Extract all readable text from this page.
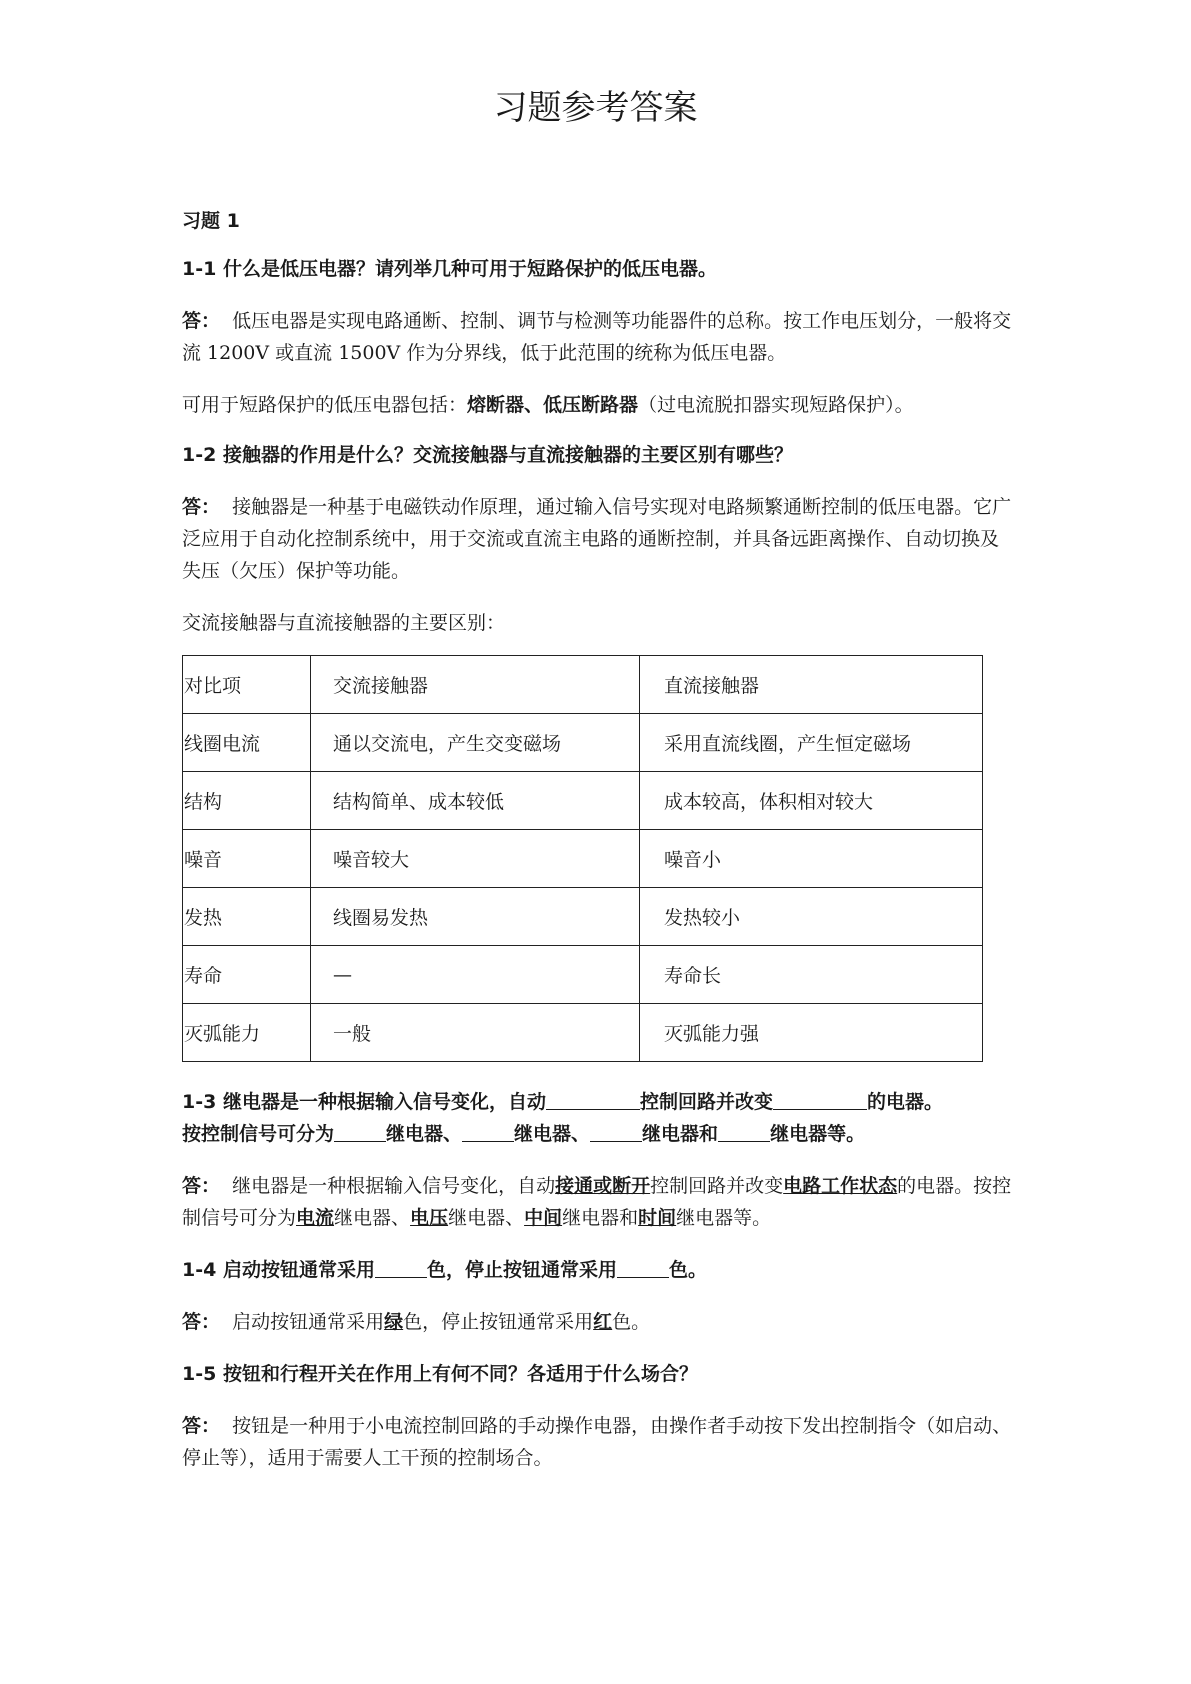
习题参考答案

习题 1

1-1 什么是低压电器？请列举几种可用于短路保护的低压电器。

答： 低压电器是实现电路通断、控制、调节与检测等功能器件的总称。按工作电压划分，一般将交流 1200V 或直流 1500V 作为分界线，低于此范围的统称为低压电器。

可用于短路保护的低压电器包括：熔断器、低压断路器（过电流脱扣器实现短路保护）。

1-2 接触器的作用是什么？交流接触器与直流接触器的主要区别有哪些？

答： 接触器是一种基于电磁铁动作原理，通过输入信号实现对电路频繁通断控制的低压电器。它广泛应用于自动化控制系统中，用于交流或直流主电路的通断控制，并具备远距离操作、自动切换及失压（欠压）保护等功能。

交流接触器与直流接触器的主要区别：

对比项	交流接触器	直流接触器
线圈电流	通以交流电，产生交变磁场	采用直流线圈，产生恒定磁场
结构	结构简单、成本较低	成本较高，体积相对较大
噪音	噪音较大	噪音小
发热	线圈易发热	发热较小
寿命	—	寿命长
灭弧能力	一般	灭弧能力强

1-3 继电器是一种根据输入信号变化，自动	控制回路并改变	的电器。
按控制信号可分为	继电器、	继电器、	继电器和	继电器等。

答： 继电器是一种根据输入信号变化，自动接通或断开控制回路并改变电路工作状态的电器。按控制信号可分为电流继电器、电压继电器、中间继电器和时间继电器等。

1-4 启动按钮通常采用	色，停止按钮通常采用	色。

答： 启动按钮通常采用绿色，停止按钮通常采用红色。

1-5 按钮和行程开关在作用上有何不同？各适用于什么场合？

答： 按钮是一种用于小电流控制回路的手动操作电器，由操作者手动按下发出控制指令（如启动、停止等），适用于需要人工干预的控制场合。
